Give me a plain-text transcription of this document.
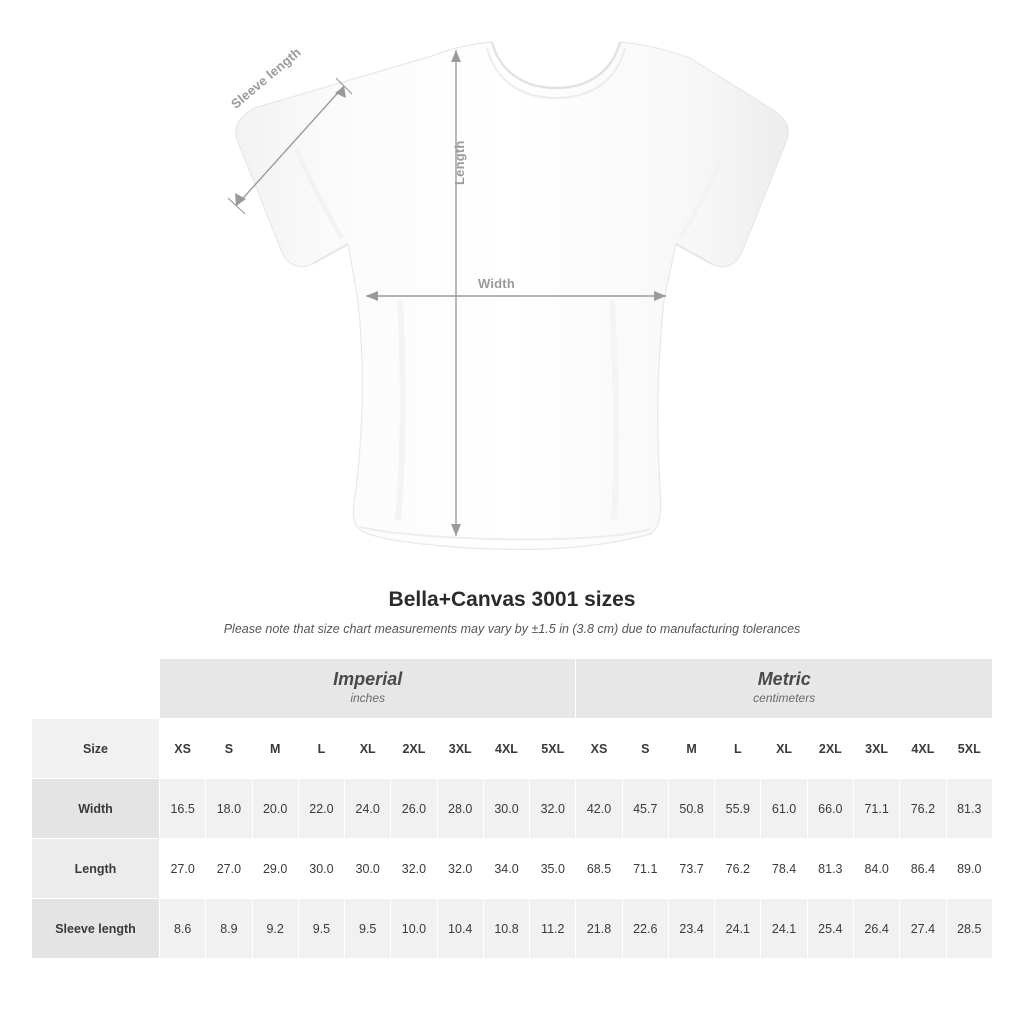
Sleeve length
Length
Width
Bella+Canvas 3001 sizes

Please note that size chart measurements may vary by ±1.5 in (3.8 cm) due to manufacturing tolerances

	Imperial
inches									Metric
centimeters								

Size	XS	S	M	L	XL	2XL	3XL	4XL	5XL	XS	S	M	L	XL	2XL	3XL	4XL	5XL
Width	16.5	18.0	20.0	22.0	24.0	26.0	28.0	30.0	32.0	42.0	45.7	50.8	55.9	61.0	66.0	71.1	76.2	81.3
Length	27.0	27.0	29.0	30.0	30.0	32.0	32.0	34.0	35.0	68.5	71.1	73.7	76.2	78.4	81.3	84.0	86.4	89.0
Sleeve length	8.6	8.9	9.2	9.5	9.5	10.0	10.4	10.8	11.2	21.8	22.6	23.4	24.1	24.1	25.4	26.4	27.4	28.5
